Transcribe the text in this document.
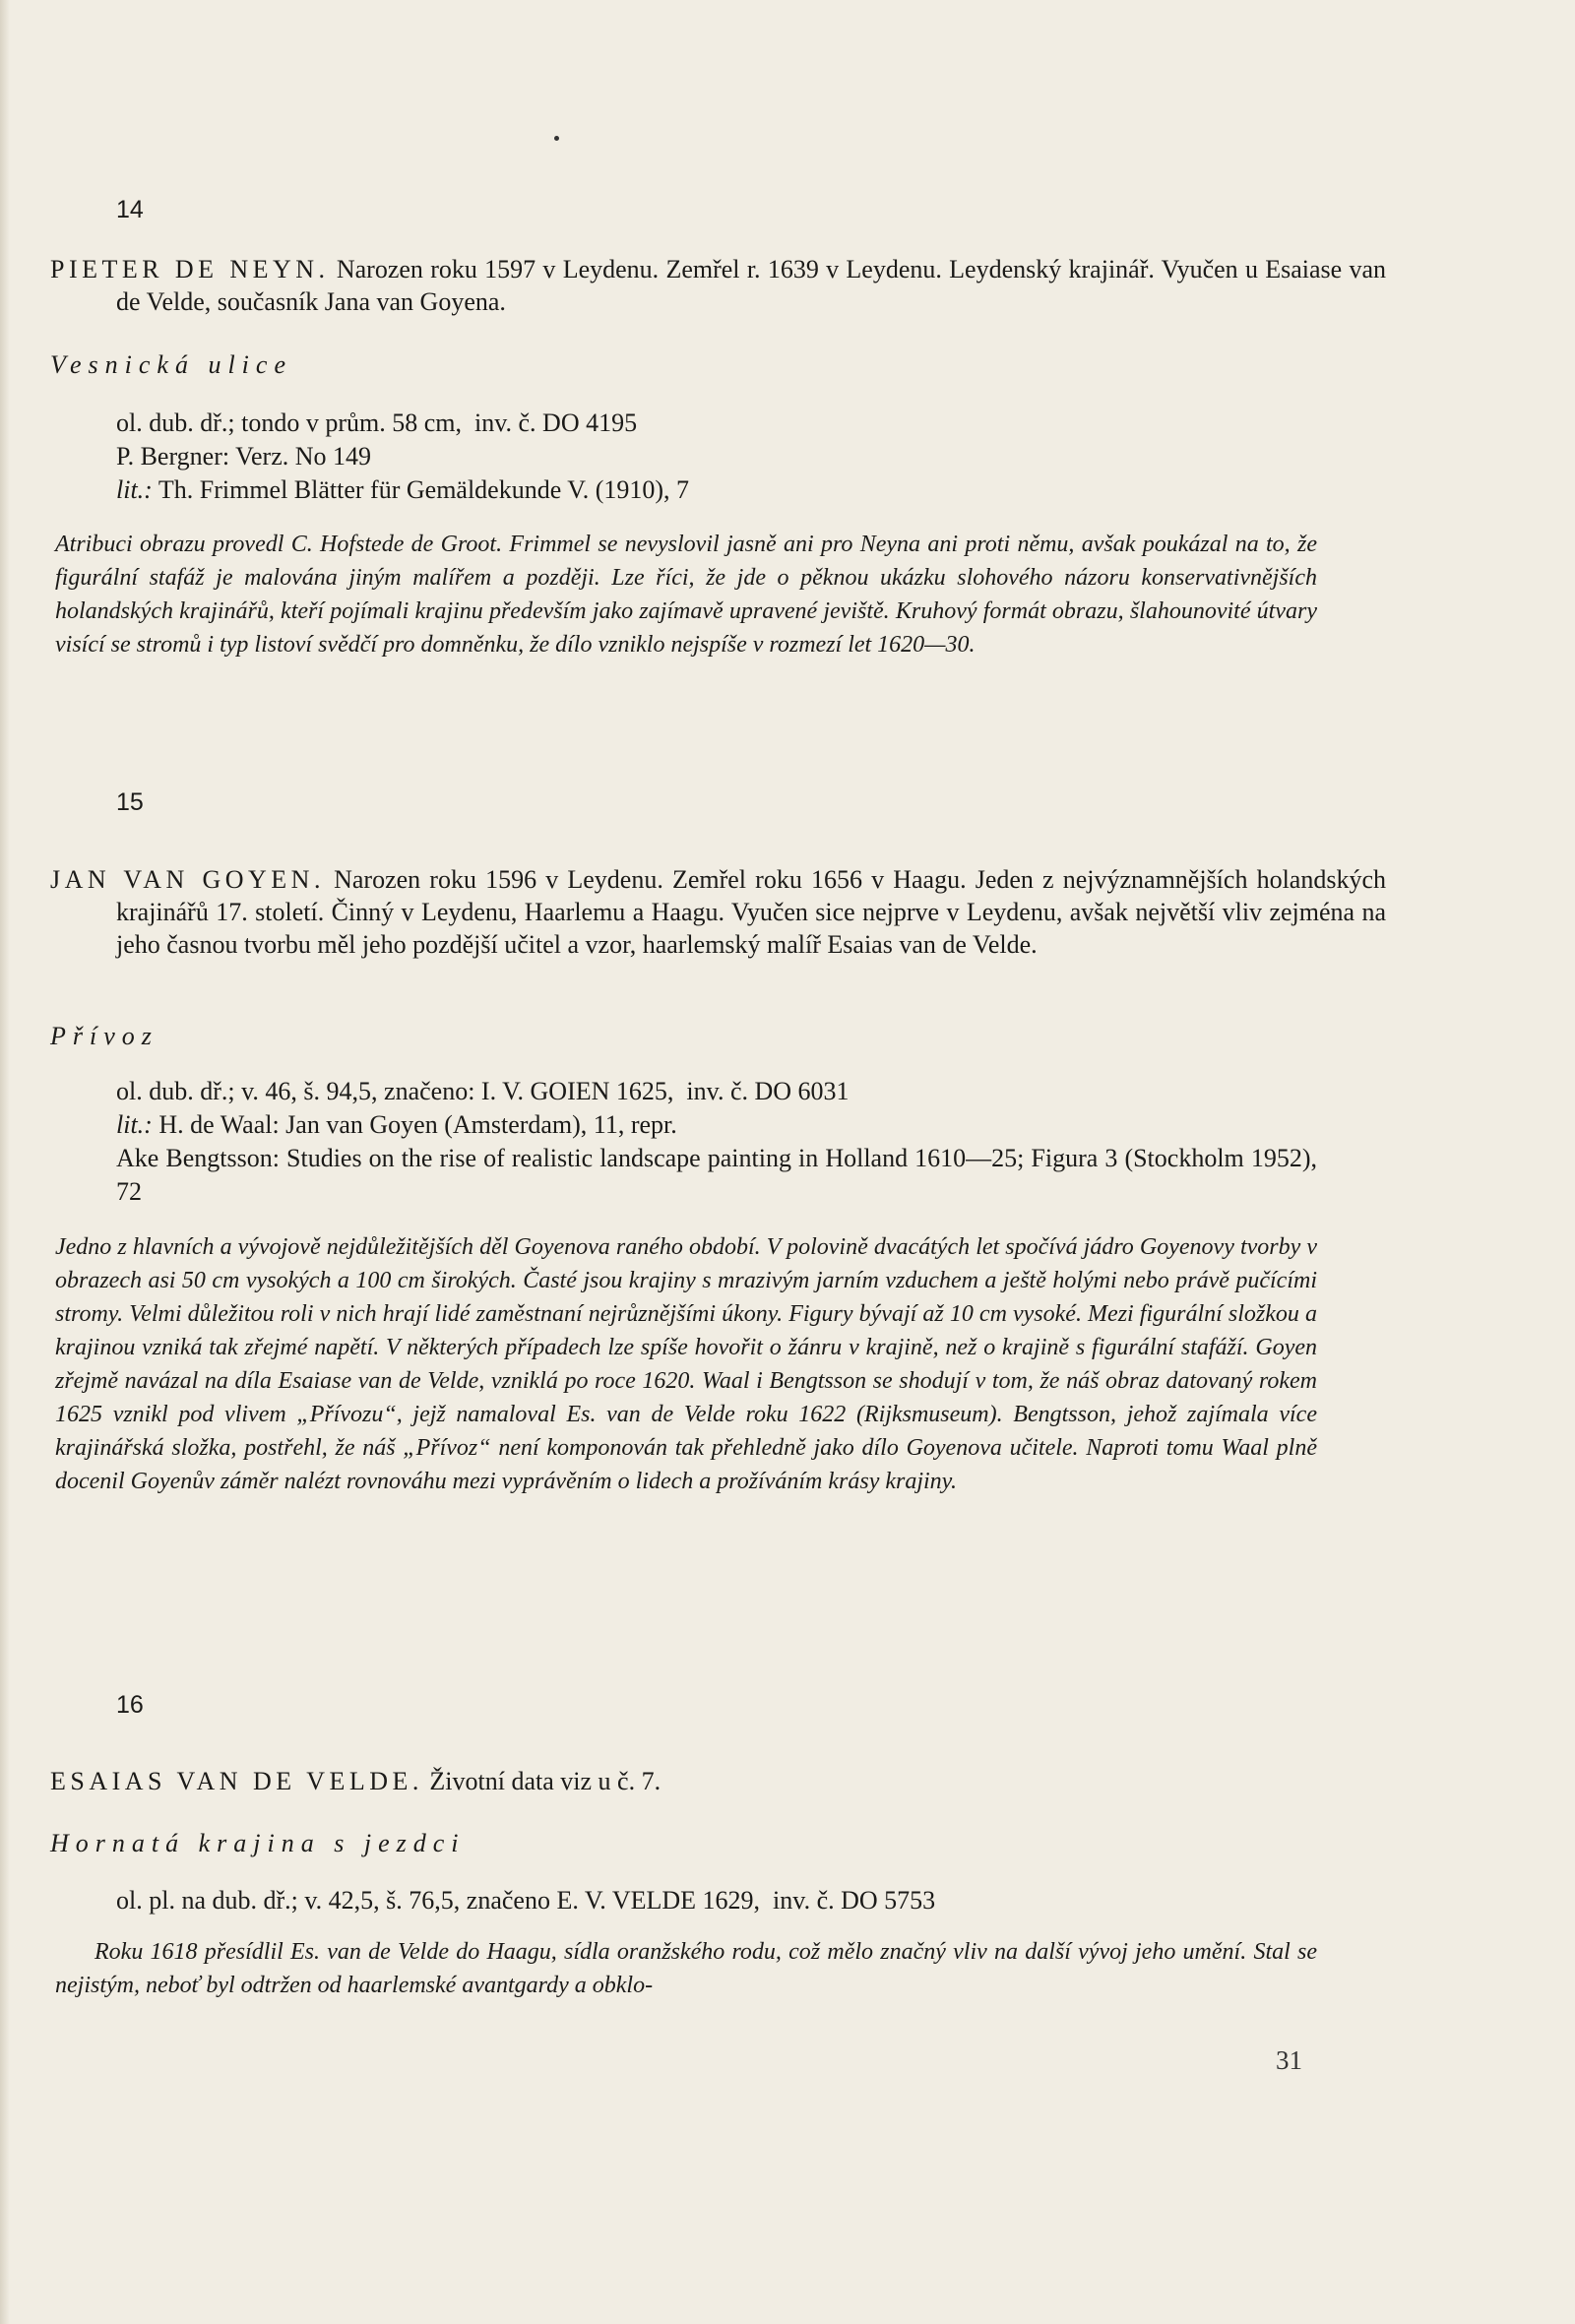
14
PIETER DE NEYN. Narozen roku 1597 v Leydenu. Zemřel r. 1639 v Leydenu. Leydenský krajinář. Vyučen u Esaiase van de Velde, současník Jana van Goyena.
Vesnická ulice
ol. dub. dř.; tondo v prům. 58 cm, inv. č. DO 4195
P. Bergner: Verz. No 149
lit.: Th. Frimmel Blätter für Gemäldekunde V. (1910), 7
Atribuci obrazu provedl C. Hofstede de Groot. Frimmel se nevyslovil jasně ani pro Neyna ani proti němu, avšak poukázal na to, že figurální stafáž je malována jiným malířem a později. Lze říci, že jde o pěknou ukázku slohového názoru konservativnějších holandských krajinářů, kteří pojímali krajinu především jako zajímavě upravené jeviště. Kruhový formát obrazu, šlahounovité útvary visící se stromů i typ listoví svědčí pro domněnku, že dílo vzniklo nejspíše v rozmezí let 1620—30.
15
JAN VAN GOYEN. Narozen roku 1596 v Leydenu. Zemřel roku 1656 v Haagu. Jeden z nejvýznamnějších holandských krajinářů 17. století. Činný v Leydenu, Haarlemu a Haagu. Vyučen sice nejprve v Leydenu, avšak největší vliv zejména na jeho časnou tvorbu měl jeho pozdější učitel a vzor, haarlemský malíř Esaias van de Velde.
Přívoz
ol. dub. dř.; v. 46, š. 94,5, značeno: I. V. GOIEN 1625, inv. č. DO 6031
lit.: H. de Waal: Jan van Goyen (Amsterdam), 11, repr.
Ake Bengtsson: Studies on the rise of realistic landscape painting in Holland 1610—25; Figura 3 (Stockholm 1952), 72
Jedno z hlavních a vývojově nejdůležitějších děl Goyenova raného období. V polovině dvacátých let spočívá jádro Goyenovy tvorby v obrazech asi 50 cm vysokých a 100 cm širokých. Časté jsou krajiny s mrazivým jarním vzduchem a ještě holými nebo právě pučícími stromy. Velmi důležitou roli v nich hrají lidé zaměstnaní nejrůznějšími úkony. Figury bývají až 10 cm vysoké. Mezi figurální složkou a krajinou vzniká tak zřejmé napětí. V některých případech lze spíše hovořit o žánru v krajině, než o krajině s figurální stafáží. Goyen zřejmě navázal na díla Esaiase van de Velde, vzniklá po roce 1620. Waal i Bengtsson se shodují v tom, že náš obraz datovaný rokem 1625 vznikl pod vlivem „Přívozu“, jejž namaloval Es. van de Velde roku 1622 (Rijksmuseum). Bengtsson, jehož zajímala více krajinářská složka, postřehl, že náš „Přívoz“ není komponován tak přehledně jako dílo Goyenova učitele. Naproti tomu Waal plně docenil Goyenův záměr nalézt rovnováhu mezi vyprávěním o lidech a prožíváním krásy krajiny.
16
ESAIAS VAN DE VELDE. Životní data viz u č. 7.
Hornatá krajina s jezdci
ol. pl. na dub. dř.; v. 42,5, š. 76,5, značeno E. V. VELDE 1629, inv. č. DO 5753
Roku 1618 přesídlil Es. van de Velde do Haagu, sídla oranžského rodu, což mělo značný vliv na další vývoj jeho umění. Stal se nejistým, neboť byl odtržen od haarlemské avantgardy a obklo-
31
